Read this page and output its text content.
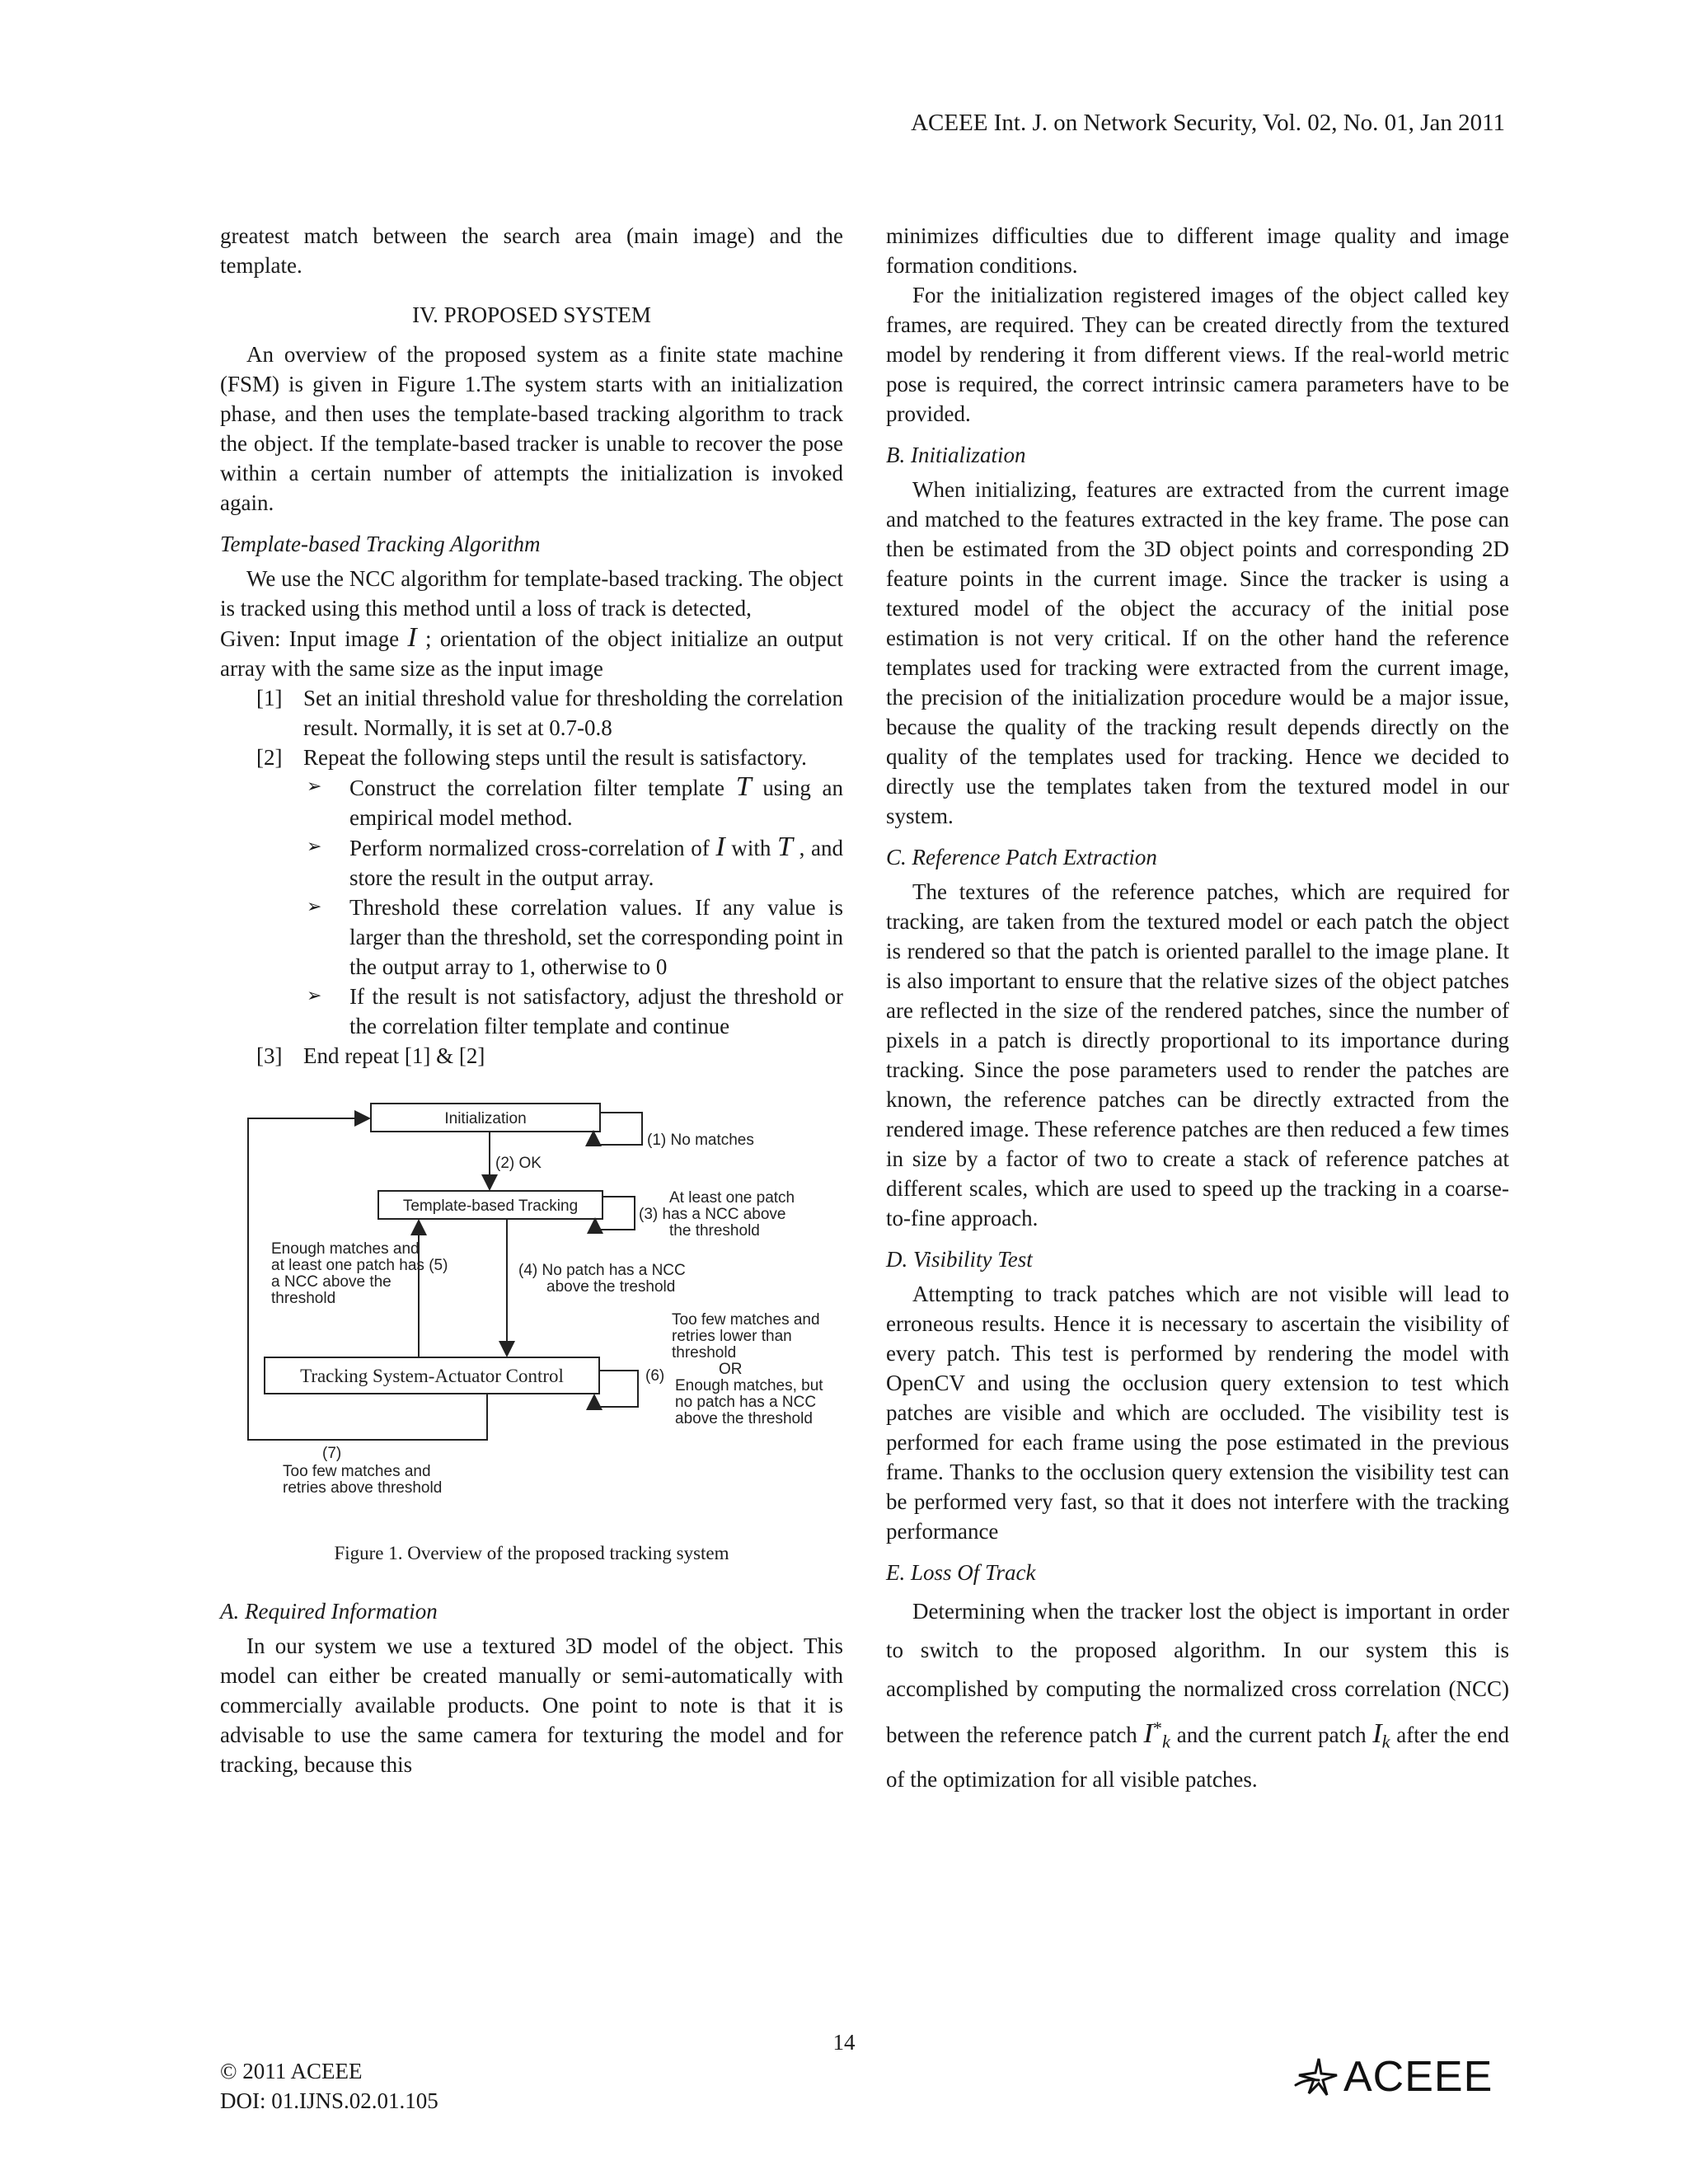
ACEEE Int. J. on Network Security, Vol. 02, No. 01, Jan 2011

greatest match between the search area (main image) and the template.

IV. PROPOSED SYSTEM

An overview of the proposed system as a finite state machine (FSM) is given in Figure 1.The system starts with an initialization phase, and then uses the template-based tracking algorithm to track the object. If the template-based tracker is unable to recover the pose within a certain number of attempts the initialization is invoked again.

Template-based Tracking Algorithm

We use the NCC algorithm for template-based tracking. The object is tracked using this method until a loss of track is detected,

Given: Input image I ; orientation of the object initialize an output array with the same size as the input image

[1] Set an initial threshold value for thresholding the correlation result. Normally, it is set at 0.7-0.8
[2] Repeat the following steps until the result is satisfactory.
➢ Construct the correlation filter template T using an empirical model method.
➢ Perform normalized cross-correlation of I with T , and store the result in the output array.
➢ Threshold these correlation values. If any value is larger than the threshold, set the corresponding point in the output array to 1, otherwise to 0
➢ If the result is not satisfactory, adjust the threshold or the correlation filter template and continue
[3] End repeat [1] & [2]
Initialization
(1) No matches
(2) OK
Template-based Tracking	At least one patch
(3) has a NCC above
the threshold
Enough matches and
at least one patch has (5)
a NCC above the
threshold
(4) No patch has a NCC
above the treshold
Too few matches and
retries lower than
threshold
OR
(6)
Enough matches, but
no patch has a NCC
above the threshold
(7)
Too few matches and
retries above threshold
Tracking System-Actuator Control
Figure 1. Overview of the proposed tracking system
A. Required Information

In our system we use a textured 3D model of the object. This model can either be created manually or semi-automatically with commercially available products. One point to note is that it is advisable to use the same camera for texturing the model and for tracking, because this

minimizes difficulties due to different image quality and image formation conditions.

For the initialization registered images of the object called key frames, are required. They can be created directly from the textured model by rendering it from different views. If the real-world metric pose is required, the correct intrinsic camera parameters have to be provided.

B. Initialization

When initializing, features are extracted from the current image and matched to the features extracted in the key frame. The pose can then be estimated from the 3D object points and corresponding 2D feature points in the current image. Since the tracker is using a textured model of the object the accuracy of the initial pose estimation is not very critical. If on the other hand the reference templates used for tracking were extracted from the current image, the precision of the initialization procedure would be a major issue, because the quality of the tracking result depends directly on the quality of the templates used for tracking. Hence we decided to directly use the templates taken from the textured model in our system.

C. Reference Patch Extraction

The textures of the reference patches, which are required for tracking, are taken from the textured model or each patch the object is rendered so that the patch is oriented parallel to the image plane. It is also important to ensure that the relative sizes of the object patches are reflected in the size of the rendered patches, since the number of pixels in a patch is directly proportional to its importance during tracking. Since the pose parameters used to render the patches are known, the reference patches can be directly extracted from the rendered image. These reference patches are then reduced a few times in size by a factor of two to create a stack of reference patches at different scales, which are used to speed up the tracking in a coarse-to-fine approach.

D. Visibility Test

Attempting to track patches which are not visible will lead to erroneous results. Hence it is necessary to ascertain the visibility of every patch. This test is performed by rendering the model with OpenCV and using the occlusion query extension to test which patches are visible and which are occluded. The visibility test is performed for each frame using the pose estimated in the previous frame. Thanks to the occlusion query extension the visibility test can be performed very fast, so that it does not interfere with the tracking performance

E. Loss Of Track

Determining when the tracker lost the object is important in order to switch to the proposed algorithm. In our system this is accomplished by computing the normalized cross correlation (NCC) between the reference patch $I^*_k$ and the current patch $I_k$ after the end of the optimization for all visible patches.

14
© 2011 ACEEE
DOI: 01.IJNS.02.01.105	ACEEE
